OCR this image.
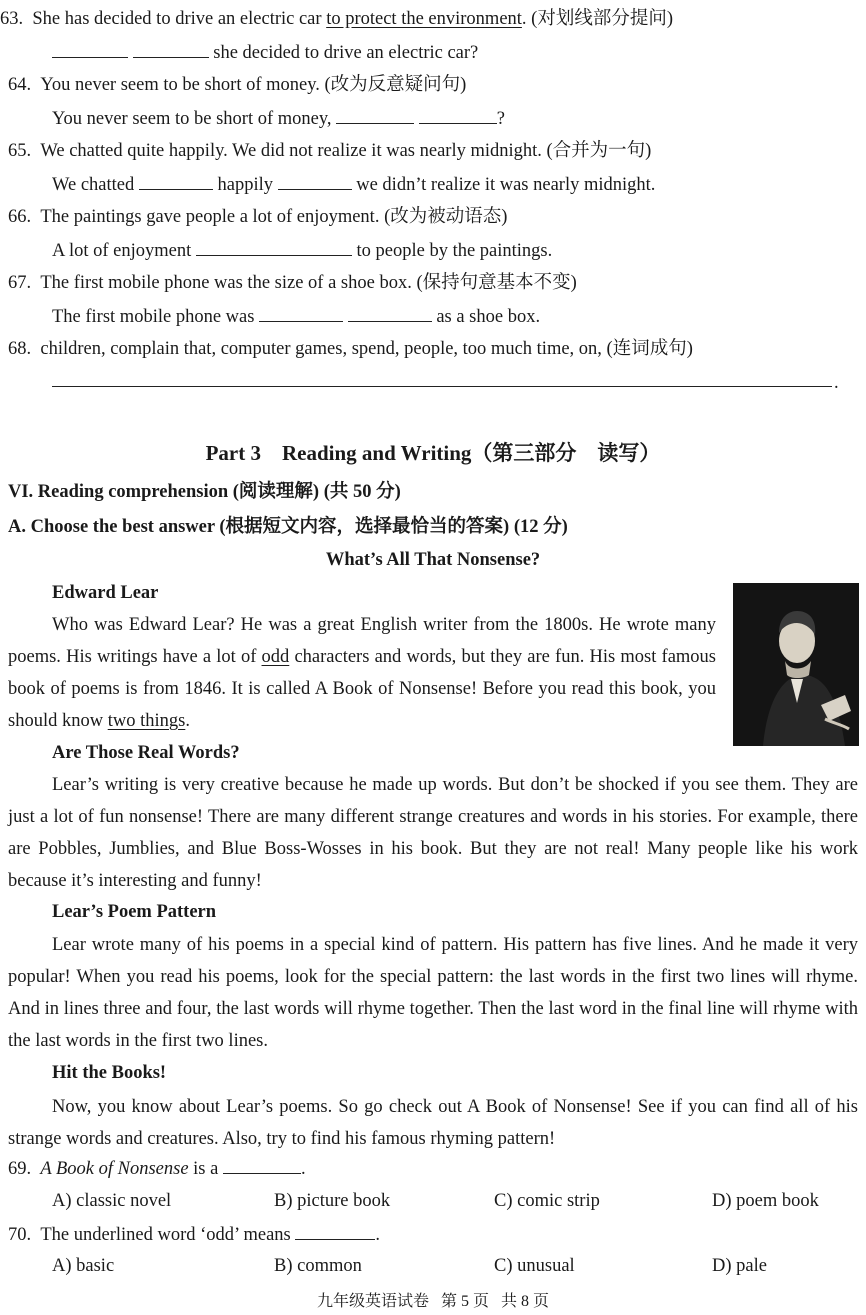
63. She has decided to drive an electric car to protect the environment. (对划线部分提问)
she decided to drive an electric car?
64. You never seem to be short of money. (改为反意疑问句)
You never seem to be short of money,	?
65. We chatted quite happily. We did not realize it was nearly midnight. (合并为一句)
We chatted	happily	we didn’t realize it was nearly midnight.
66. The paintings gave people a lot of enjoyment. (改为被动语态)
A lot of enjoyment	to people by the paintings.
67. The first mobile phone was the size of a shoe box. (保持句意基本不变)
The first mobile phone was	as a shoe box.
68. children, complain that, computer games, spend, people, too much time, on, (连词成句)
.
Part 3    Reading and Writing（第三部分    读写）
VI. Reading comprehension (阅读理解) (共 50 分)
A. Choose the best answer (根据短文内容，选择最恰当的答案) (12 分)
What’s All That Nonsense?
Edward Lear
Who was Edward Lear? He was a great English writer from the 1800s. He wrote many poems. His writings have a lot of odd characters and words, but they are fun. His most famous book of poems is from 1846. It is called A Book of Nonsense! Before you read this book, you should know two things.
Are Those Real Words?
Lear’s writing is very creative because he made up words. But don’t be shocked if you see them. They are just a lot of fun nonsense! There are many different strange creatures and words in his stories. For example, there are Pobbles, Jumblies, and Blue Boss-Wosses in his book. But they are not real! Many people like his work because it’s interesting and funny!
Lear’s Poem Pattern
Lear wrote many of his poems in a special kind of pattern. His pattern has five lines. And he made it very popular! When you read his poems, look for the special pattern: the last words in the first two lines will rhyme. And in lines three and four, the last words will rhyme together. Then the last word in the final line will rhyme with the last words in the first two lines.
Hit the Books!
Now, you know about Lear’s poems. So go check out A Book of Nonsense! See if you can find all of his strange words and creatures. Also, try to find his famous rhyming pattern!
69. A Book of Nonsense is a	.
A) classic novel	B) picture book	C) comic strip	D) poem book
70. The underlined word ‘odd’ means	.
A) basic	B) common	C) unusual	D) pale
九年级英语试卷   第 5 页   共 8 页
